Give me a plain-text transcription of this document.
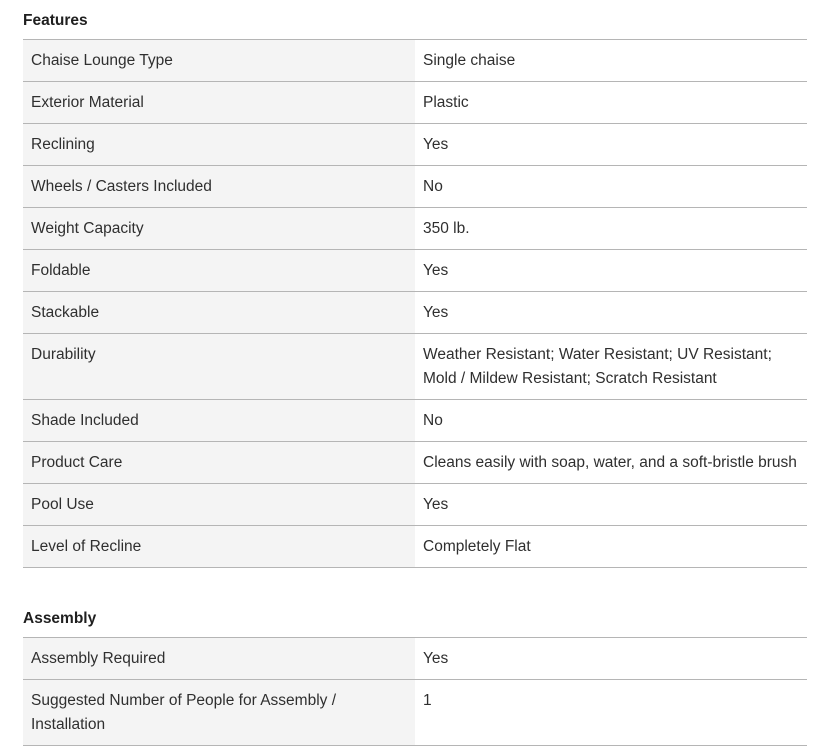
Features
Chaise Lounge Type	Single chaise
Exterior Material	Plastic
Reclining	Yes
Wheels / Casters Included	No
Weight Capacity	350 lb.
Foldable	Yes
Stackable	Yes
Durability	Weather Resistant; Water Resistant; UV Resistant; Mold / Mildew Resistant; Scratch Resistant
Shade Included	No
Product Care	Cleans easily with soap, water, and a soft-bristle brush
Pool Use	Yes
Level of Recline	Completely Flat
Assembly
Assembly Required	Yes
Suggested Number of People for Assembly / Installation	1
